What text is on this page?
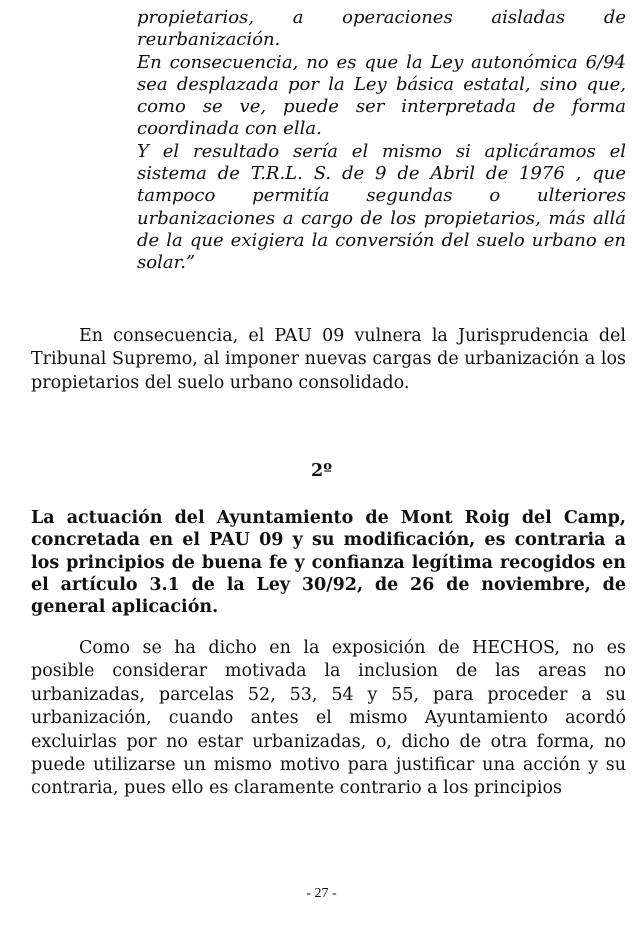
propietarios, a operaciones aisladas de reurbanización.

En consecuencia, no es que la Ley autonómica 6/94 sea desplazada por la Ley básica estatal, sino que, como se ve, puede ser interpretada de forma coordinada con ella.

Y el resultado sería el mismo si aplicáramos el sistema de T.R.L. S. de 9 de Abril de 1976 , que tampoco permitía segundas o ulteriores urbanizaciones a cargo de los propietarios, más allá de la que exigiera la conversión del suelo urbano en solar.”

En consecuencia, el PAU 09 vulnera la Jurisprudencia del Tribunal Supremo, al imponer nuevas cargas de urbanización a los propietarios del suelo urbano consolidado.

2º

La actuación del Ayuntamiento de Mont Roig del Camp, concretada en el PAU 09 y su modificación, es contraria a los principios de buena fe y confianza legítima recogidos en el artículo 3.1 de la Ley 30/92, de 26 de noviembre, de general aplicación.

Como se ha dicho en la exposición de HECHOS, no es posible considerar motivada la inclusion de las areas no urbanizadas, parcelas 52, 53, 54 y 55, para proceder a su urbanización, cuando antes el mismo Ayuntamiento acordó excluirlas por no estar urbanizadas, o, dicho de otra forma, no puede utilizarse un mismo motivo para justificar una acción y su contraria, pues ello es claramente contrario a los principios

- 27 -
